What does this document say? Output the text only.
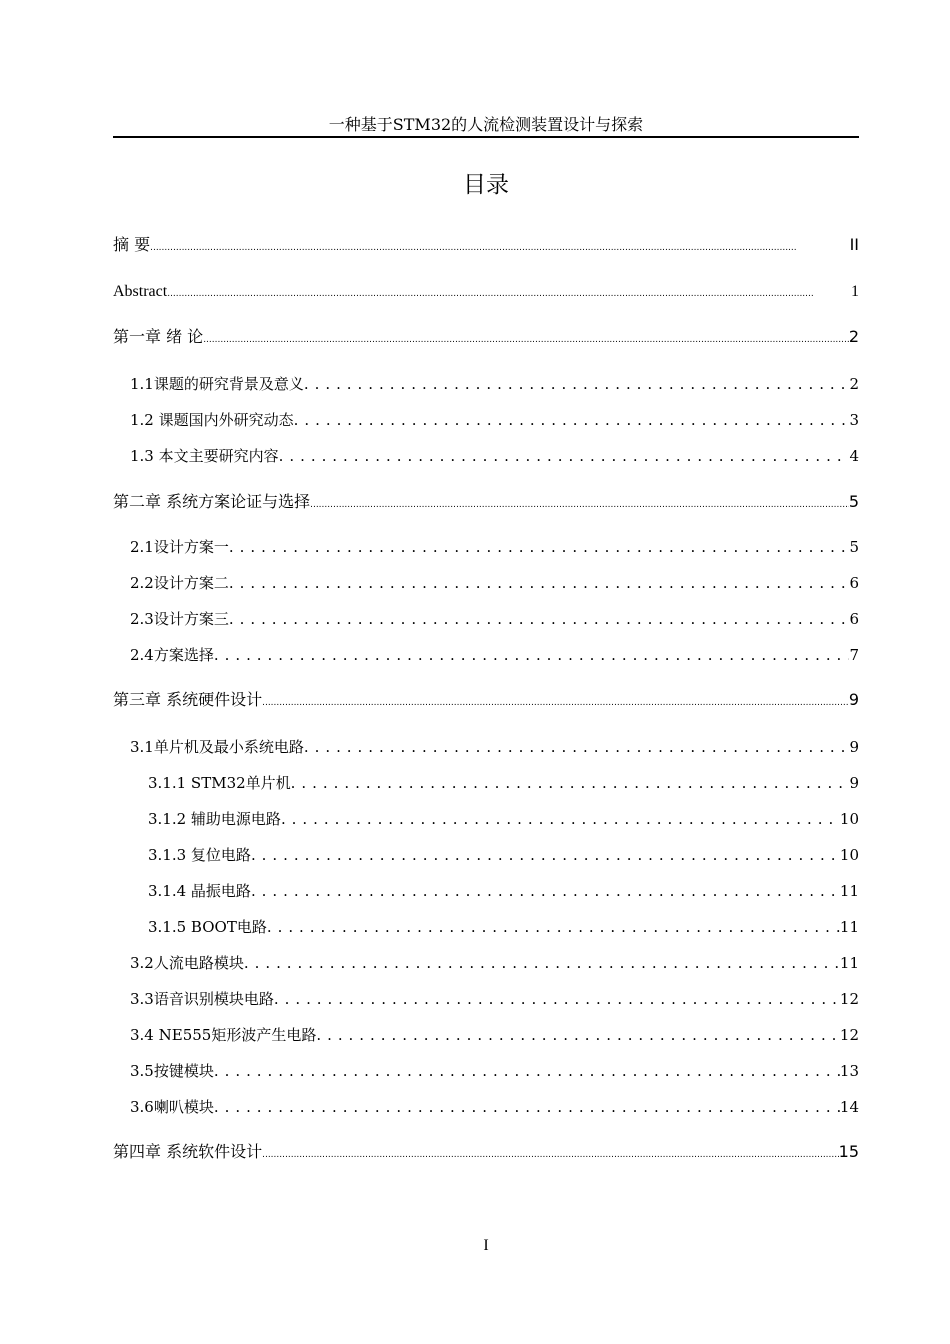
一种基于STM32的人流检测装置设计与探索
目录
摘 要 .....	II
Abstract .....	1
第一章 绪 论 .....	2
1.1课题的研究背景及意义 . . .	2
1.2 课题国内外研究动态 . . .	3
1.3 本文主要研究内容 . . .	4
第二章 系统方案论证与选择 .....	5
2.1设计方案一 . . .	5
2.2设计方案二 . . .	6
2.3设计方案三 . . .	6
2.4方案选择 . . .	7
第三章 系统硬件设计 .....	9
3.1单片机及最小系统电路 . . .	9
3.1.1 STM32单片机 . . .	9
3.1.2 辅助电源电路 . . .	10
3.1.3 复位电路 . . .	10
3.1.4 晶振电路 . . .	11
3.1.5 BOOT电路 . . .	11
3.2人流电路模块 . . .	11
3.3语音识别模块电路 . . .	12
3.4 NE555矩形波产生电路 . . .	12
3.5按键模块 . . .	13
3.6喇叭模块 . . .	14
第四章 系统软件设计 .....	15
I
